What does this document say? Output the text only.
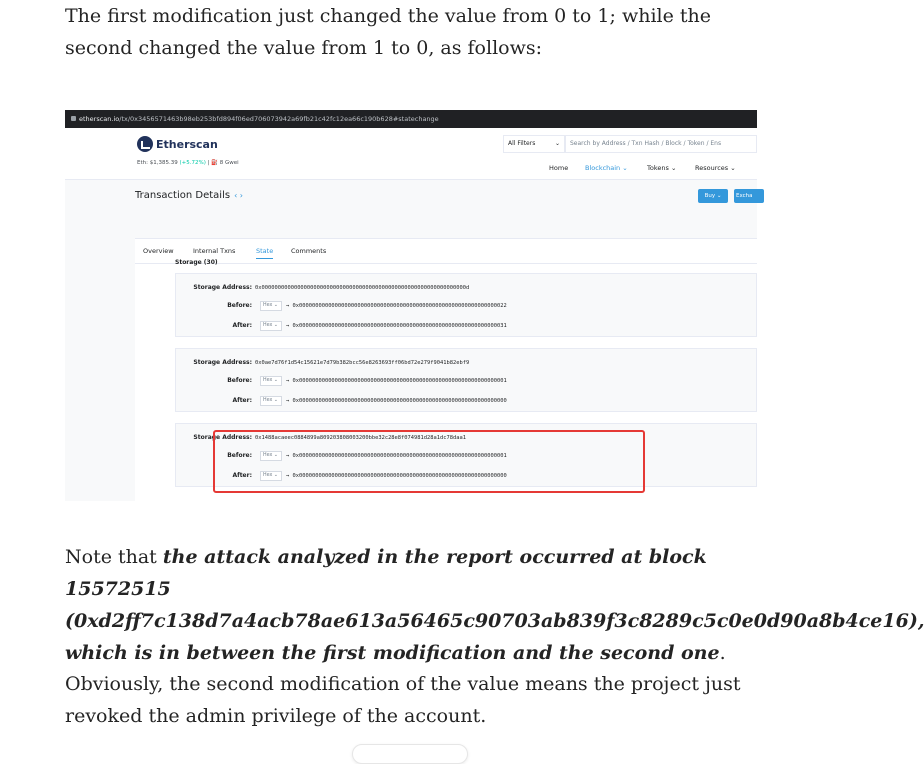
The first modification just changed the value from 0 to 1; while the second changed the value from 1 to 0, as follows:

etherscan.io/tx/0x3456571463b98eb253bfd894f06ed706073942a69fb21c42fc12ea66c190b628#statechange
Etherscan
Eth: $1,385.39 (+5.72%) | ⛽ 8 Gwei
All Filters	⌄	Search by Address / Txn Hash / Block / Token / Ens
Home	Blockchain ⌄	Tokens ⌄	Resources ⌄
Transaction Details ‹ ›	Buy ⌄	Excha
Overview	Internal Txns	State	Comments
Storage (30)
Storage Address: 0x000000000000000000000000000000000000000000000000000000000000000d
Before:	Hex ⌄	→ 0x0000000000000000000000000000000000000000000000000000000000000022
After:	Hex ⌄	→ 0x0000000000000000000000000000000000000000000000000000000000000031
Storage Address: 0x0ae7d76f1d54c15621e7d79b382bcc56e8263693ff06bd72e279f9041b82ebf9
Before:	Hex ⌄	→ 0x0000000000000000000000000000000000000000000000000000000000000001
After:	Hex ⌄	→ 0x0000000000000000000000000000000000000000000000000000000000000000
Storage Address: 0x1488acaeec0884899a809203808003200bbe32c28e8f074981d28a1dc78daa1
Before:	Hex ⌄	→ 0x0000000000000000000000000000000000000000000000000000000000000001
After:	Hex ⌄	→ 0x0000000000000000000000000000000000000000000000000000000000000000

Note that the attack analyzed in the report occurred at block 15572515 (0xd2ff7c138d7a4acb78ae613a56465c90703ab839f3c8289c5c0e0d90a8b4ce16), which is in between the first modification and the second one.

Obviously, the second modification of the value means the project just revoked the admin privilege of the account.
